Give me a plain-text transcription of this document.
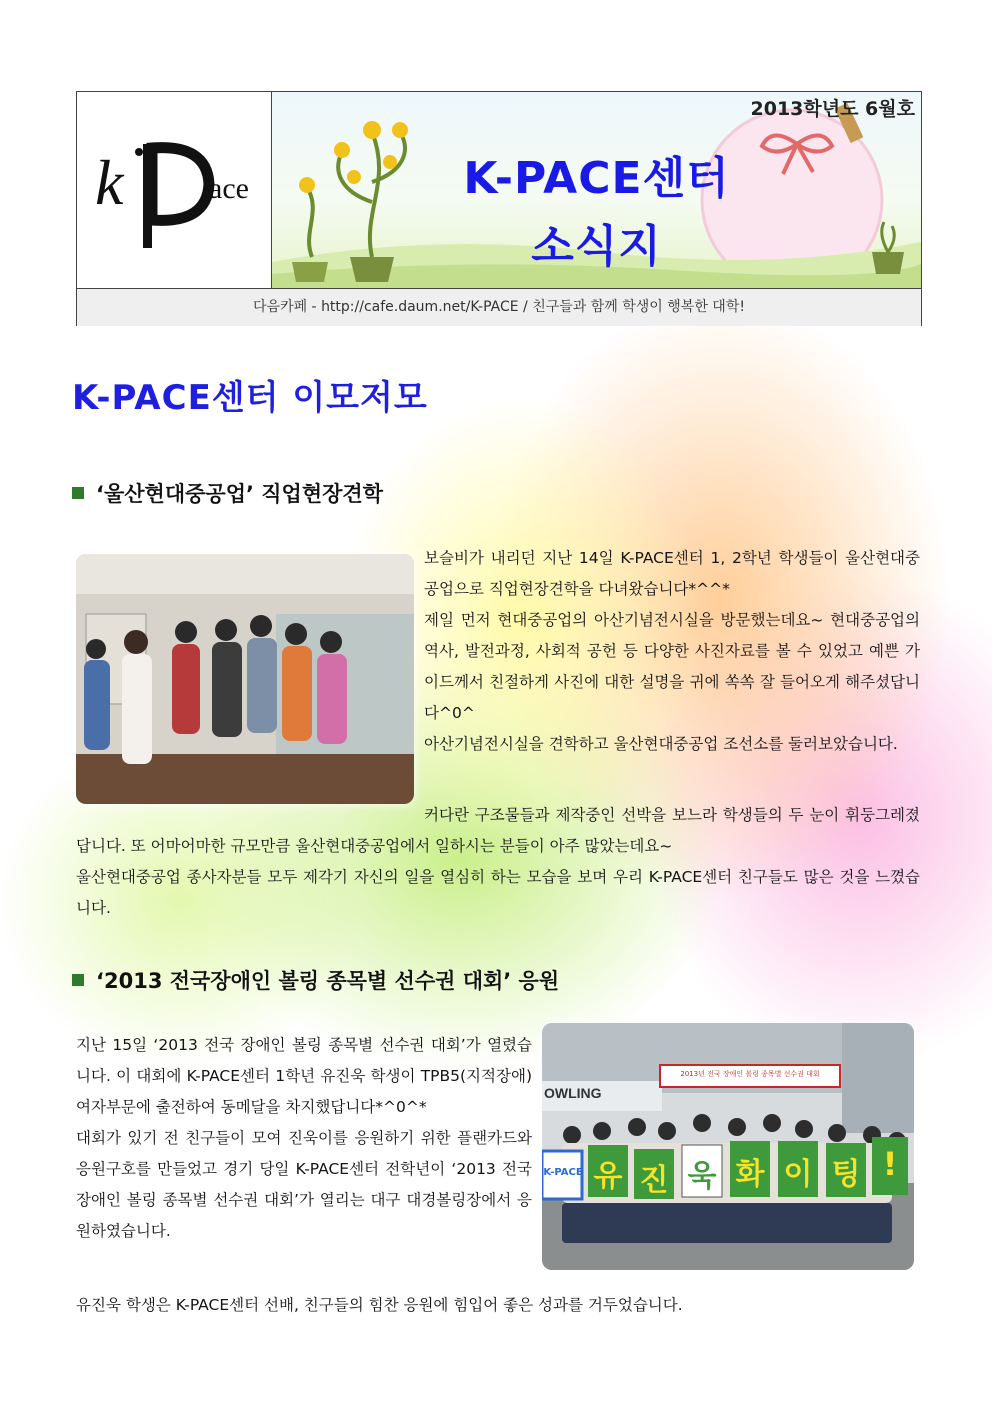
k	ace
2013학년도 6월호
K-PACE센터
소식지
다음카페 - http://cafe.daum.net/K-PACE / 친구들과 함께 학생이 행복한 대학!
K-PACE센터 이모저모
‘울산현대중공업’ 직업현장견학

보슬비가 내리던 지난 14일 K-PACE센터 1, 2학년 학생들이 울산현대중공업으로 직업현장견학을 다녀왔습니다*^^*

제일 먼저 현대중공업의 아산기념전시실을 방문했는데요~ 현대중공업의 역사, 발전과정, 사회적 공헌 등 다양한 사진자료를 볼 수 있었고 예쁜 가이드께서 친절하게 사진에 대한 설명을 귀에 쏙쏙 잘 들어오게 해주셨답니다^0^

아산기념전시실을 견학하고 울산현대중공업 조선소를 둘러보았습니다.

커다란 구조물들과 제작중인 선박을 보느라 학생들의 두 눈이 휘둥그레졌답니다. 또 어마어마한 규모만큼 울산현대중공업에서 일하시는 분들이 아주 많았는데요~

울산현대중공업 종사자분들 모두 제각기 자신의 일을 열심히 하는 모습을 보며 우리 K-PACE센터 친구들도 많은 것을 느꼈습니다.

‘2013 전국장애인 볼링 종목별 선수권 대회’ 응원

지난 15일 ‘2013 전국 장애인 볼링 종목별 선수권 대회’가 열렸습니다. 이 대회에 K-PACE센터 1학년 유진욱 학생이 TPB5(지적장애) 여자부문에 출전하여 동메달을 차지했답니다*^0^*

대회가 있기 전 친구들이 모여 진욱이를 응원하기 위한 플랜카드와 응원구호를 만들었고 경기 당일 K-PACE센터 전학년이 ‘2013 전국장애인 볼링 종목별 선수권 대회’가 열리는 대구 대경볼링장에서 응원하였습니다.

OWLING
2013년 전국 장애인 볼링 종목별 선수권 대회
K-PACE 유 진 욱 화 이 팅 !

유진욱 학생은 K-PACE센터 선배, 친구들의 힘찬 응원에 힘입어 좋은 성과를 거두었습니다.
